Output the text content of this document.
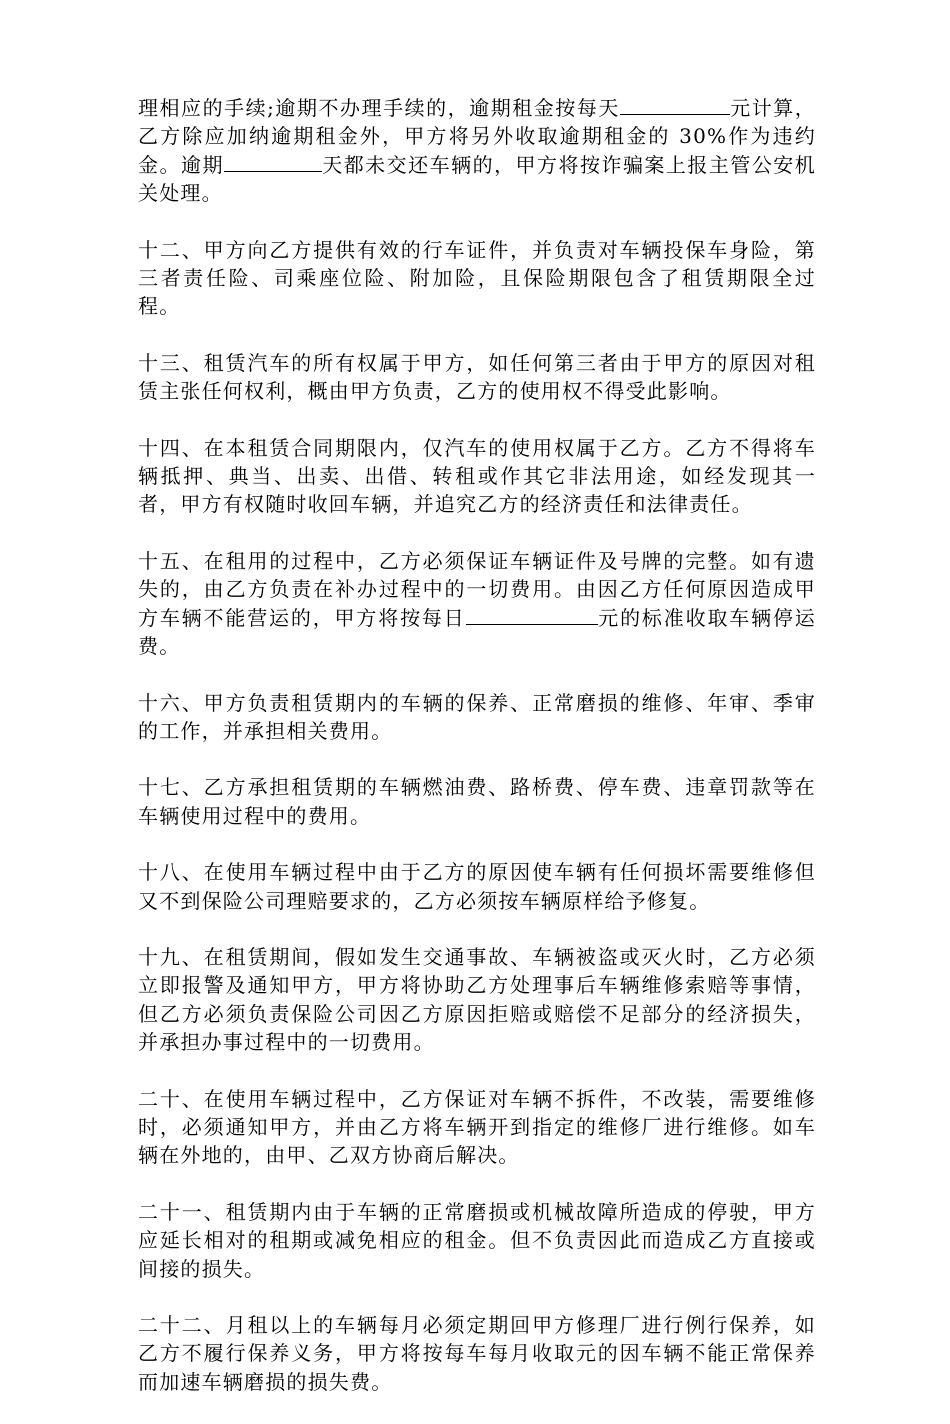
理相应的手续;逾期不办理手续的，逾期租金按每天	元计算，乙方除应加纳逾期租金外，甲方将另外收取逾期租金的 30%作为违约金。逾期	天都未交还车辆的，甲方将按诈骗案上报主管公安机关处理。

十二、甲方向乙方提供有效的行车证件，并负责对车辆投保车身险，第三者责任险、司乘座位险、附加险，且保险期限包含了租赁期限全过程。

十三、租赁汽车的所有权属于甲方，如任何第三者由于甲方的原因对租赁主张任何权利，概由甲方负责，乙方的使用权不得受此影响。

十四、在本租赁合同期限内，仅汽车的使用权属于乙方。乙方不得将车辆抵押、典当、出卖、出借、转租或作其它非法用途，如经发现其一者，甲方有权随时收回车辆，并追究乙方的经济责任和法律责任。

十五、在租用的过程中，乙方必须保证车辆证件及号牌的完整。如有遗失的，由乙方负责在补办过程中的一切费用。由因乙方任何原因造成甲方车辆不能营运的，甲方将按每日	元的标准收取车辆停运费。

十六、甲方负责租赁期内的车辆的保养、正常磨损的维修、年审、季审的工作，并承担相关费用。

十七、乙方承担租赁期的车辆燃油费、路桥费、停车费、违章罚款等在车辆使用过程中的费用。

十八、在使用车辆过程中由于乙方的原因使车辆有任何损坏需要维修但又不到保险公司理赔要求的，乙方必须按车辆原样给予修复。

十九、在租赁期间，假如发生交通事故、车辆被盗或灭火时，乙方必须立即报警及通知甲方，甲方将协助乙方处理事后车辆维修索赔等事情，但乙方必须负责保险公司因乙方原因拒赔或赔偿不足部分的经济损失，并承担办事过程中的一切费用。

二十、在使用车辆过程中，乙方保证对车辆不拆件，不改装，需要维修时，必须通知甲方，并由乙方将车辆开到指定的维修厂进行维修。如车辆在外地的，由甲、乙双方协商后解决。

二十一、租赁期内由于车辆的正常磨损或机械故障所造成的停驶，甲方应延长相对的租期或减免相应的租金。但不负责因此而造成乙方直接或间接的损失。

二十二、月租以上的车辆每月必须定期回甲方修理厂进行例行保养，如乙方不履行保养义务，甲方将按每车每月收取元的因车辆不能正常保养而加速车辆磨损的损失费。
